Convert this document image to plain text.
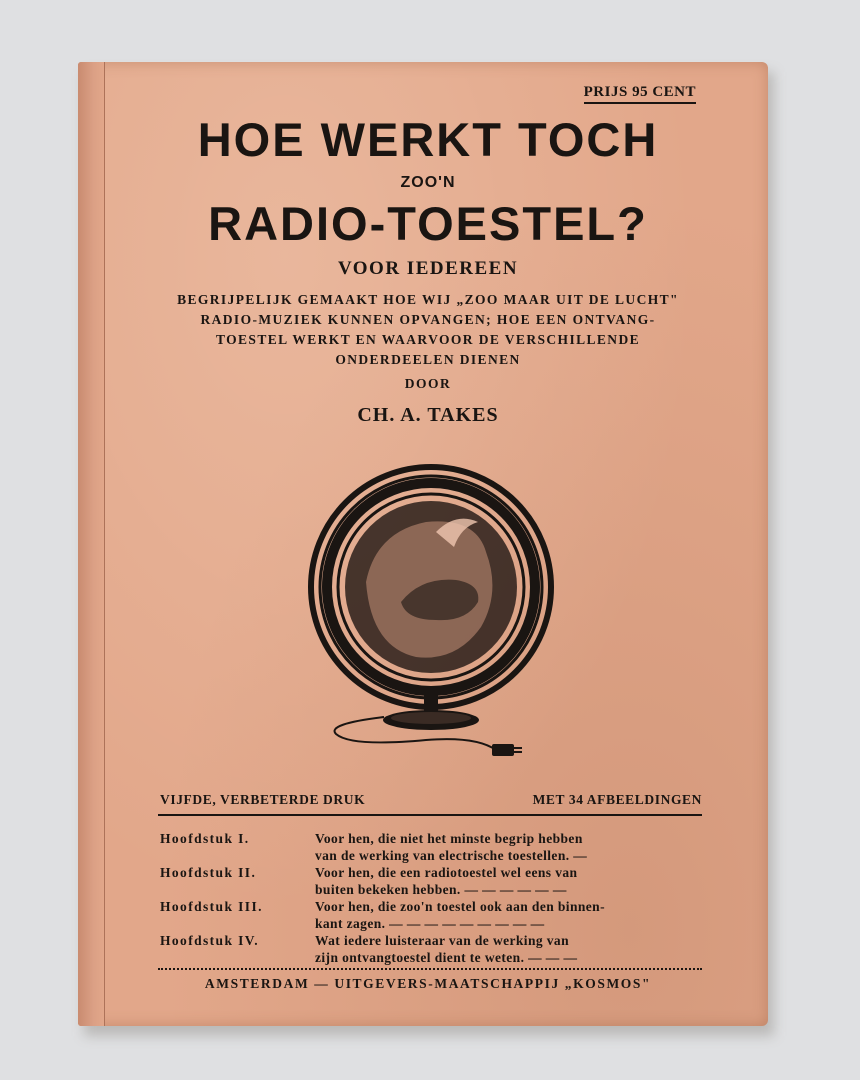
PRIJS 95 CENT
HOE WERKT TOCH
ZOO'N
RADIO-TOESTEL?
VOOR IEDEREEN
BEGRIJPELIJK GEMAAKT HOE WIJ „ZOO MAAR UIT DE LUCHT"
RADIO-MUZIEK KUNNEN OPVANGEN; HOE EEN ONTVANG-
TOESTEL WERKT EN WAARVOOR DE VERSCHILLENDE
ONDERDEELEN DIENEN
DOOR
CH. A. TAKES
VIJFDE, VERBETERDE DRUK	MET 34 AFBEELDINGEN
Hoofdstuk I.	Voor hen, die niet het minste begrip hebben
van de werking van electrische toestellen. —
Hoofdstuk II.	Voor hen, die een radiotoestel wel eens van
buiten bekeken hebben. — — — — — —
Hoofdstuk III.	Voor hen, die zoo'n toestel ook aan den binnen-
kant zagen. — — — — — — — — —
Hoofdstuk IV.	Wat iedere luisteraar van de werking van
zijn ontvangtoestel dient te weten. — — —
AMSTERDAM — UITGEVERS-MAATSCHAPPIJ „KOSMOS"
